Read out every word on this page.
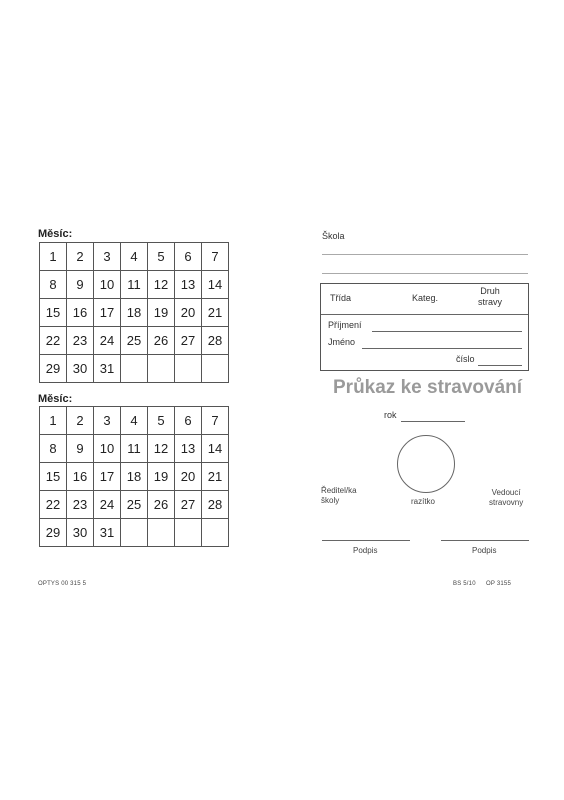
Měsíc:
1	2	3	4	5	6	7
8	9	10	11	12	13	14
15	16	17	18	19	20	21
22	23	24	25	26	27	28
29	30	31				
Měsíc:
1	2	3	4	5	6	7
8	9	10	11	12	13	14
15	16	17	18	19	20	21
22	23	24	25	26	27	28
29	30	31				
OPTYS 00 315 5
Škola
Třída	Kateg.
Druh
stravy
Příjmení
Jméno
číslo
Průkaz ke stravování
rok
razítko
Ředitel/ka
školy
Vedoucí
stravovny
Podpis	Podpis
BS 5/10 OP 3155
